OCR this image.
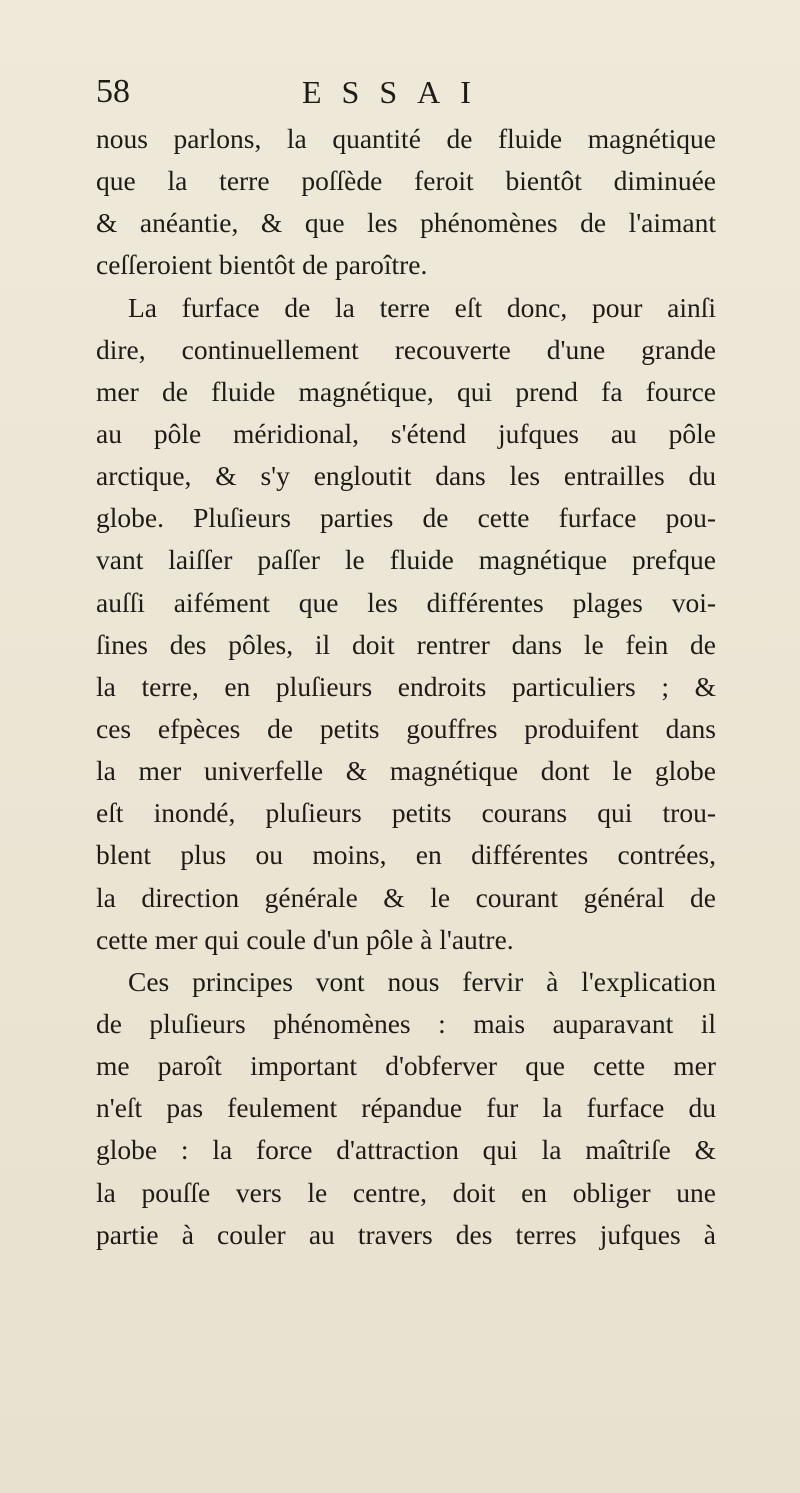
58	ESSAI
nous parlons, la quantité de fluide magnétique
que la terre poſſède feroit bientôt diminuée
& anéantie, & que les phénomènes de l'aimant
ceſſeroient bientôt de paroître.
La furface de la terre eſt donc, pour ainſi
dire, continuellement recouverte d'une grande
mer de fluide magnétique, qui prend fa fource
au pôle méridional, s'étend jufques au pôle
arctique, & s'y engloutit dans les entrailles du
globe. Pluſieurs parties de cette furface pou-
vant laiſſer paſſer le fluide magnétique prefque
auſſi aifément que les différentes plages voi-
ſines des pôles, il doit rentrer dans le fein de
la terre, en pluſieurs endroits particuliers ; &
ces efpèces de petits gouffres produifent dans
la mer univerfelle & magnétique dont le globe
eſt inondé, pluſieurs petits courans qui trou-
blent plus ou moins, en différentes contrées,
la direction générale & le courant général de
cette mer qui coule d'un pôle à l'autre.
Ces principes vont nous fervir à l'explication
de pluſieurs phénomènes : mais auparavant il
me paroît important d'obferver que cette mer
n'eſt pas feulement répandue fur la furface du
globe : la force d'attraction qui la maîtriſe &
la pouſſe vers le centre, doit en obliger une
partie à couler au travers des terres jufques à
